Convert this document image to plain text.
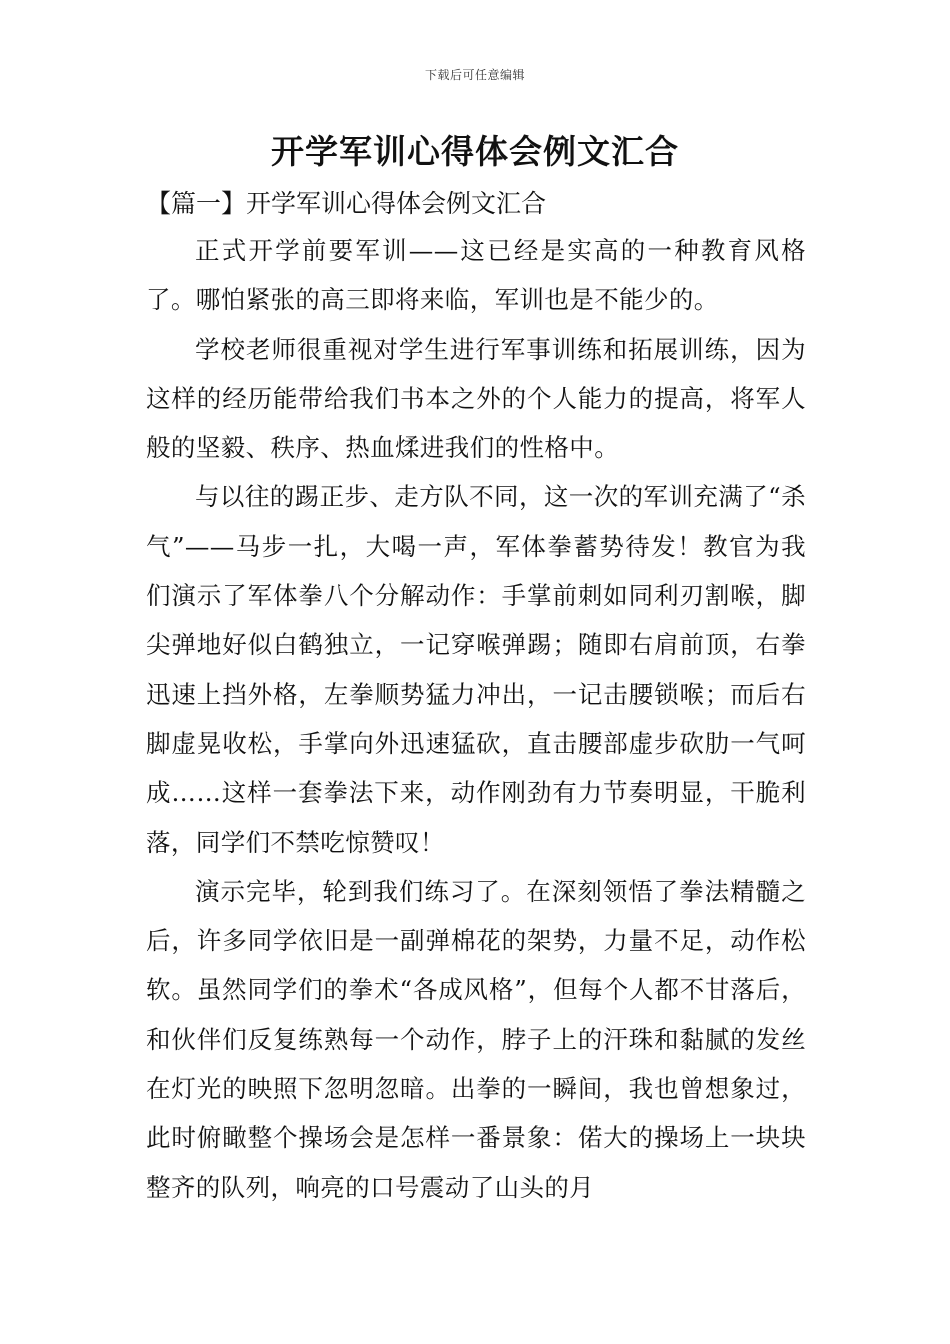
下载后可任意编辑
开学军训心得体会例文汇合
【篇一】开学军训心得体会例文汇合

正式开学前要军训——这已经是实高的一种教育风格了。哪怕紧张的高三即将来临，军训也是不能少的。

学校老师很重视对学生进行军事训练和拓展训练，因为这样的经历能带给我们书本之外的个人能力的提高，将军人般的坚毅、秩序、热血煣进我们的性格中。

与以往的踢正步、走方队不同，这一次的军训充满了“杀气”——马步一扎，大喝一声，军体拳蓄势待发！教官为我们演示了军体拳八个分解动作：手掌前刺如同利刃割喉，脚尖弹地好似白鹤独立，一记穿喉弹踢；随即右肩前顶，右拳迅速上挡外格，左拳顺势猛力冲出，一记击腰锁喉；而后右脚虚晃收松，手掌向外迅速猛砍，直击腰部虚步砍肋一气呵成……这样一套拳法下来，动作刚劲有力节奏明显，干脆利落，同学们不禁吃惊赞叹！

演示完毕，轮到我们练习了。在深刻领悟了拳法精髓之后，许多同学依旧是一副弹棉花的架势，力量不足，动作松软。虽然同学们的拳术“各成风格”，但每个人都不甘落后，和伙伴们反复练熟每一个动作，脖子上的汗珠和黏腻的发丝在灯光的映照下忽明忽暗。出拳的一瞬间，我也曾想象过，此时俯瞰整个操场会是怎样一番景象：偌大的操场上一块块整齐的队列，响亮的口号震动了山头的月
